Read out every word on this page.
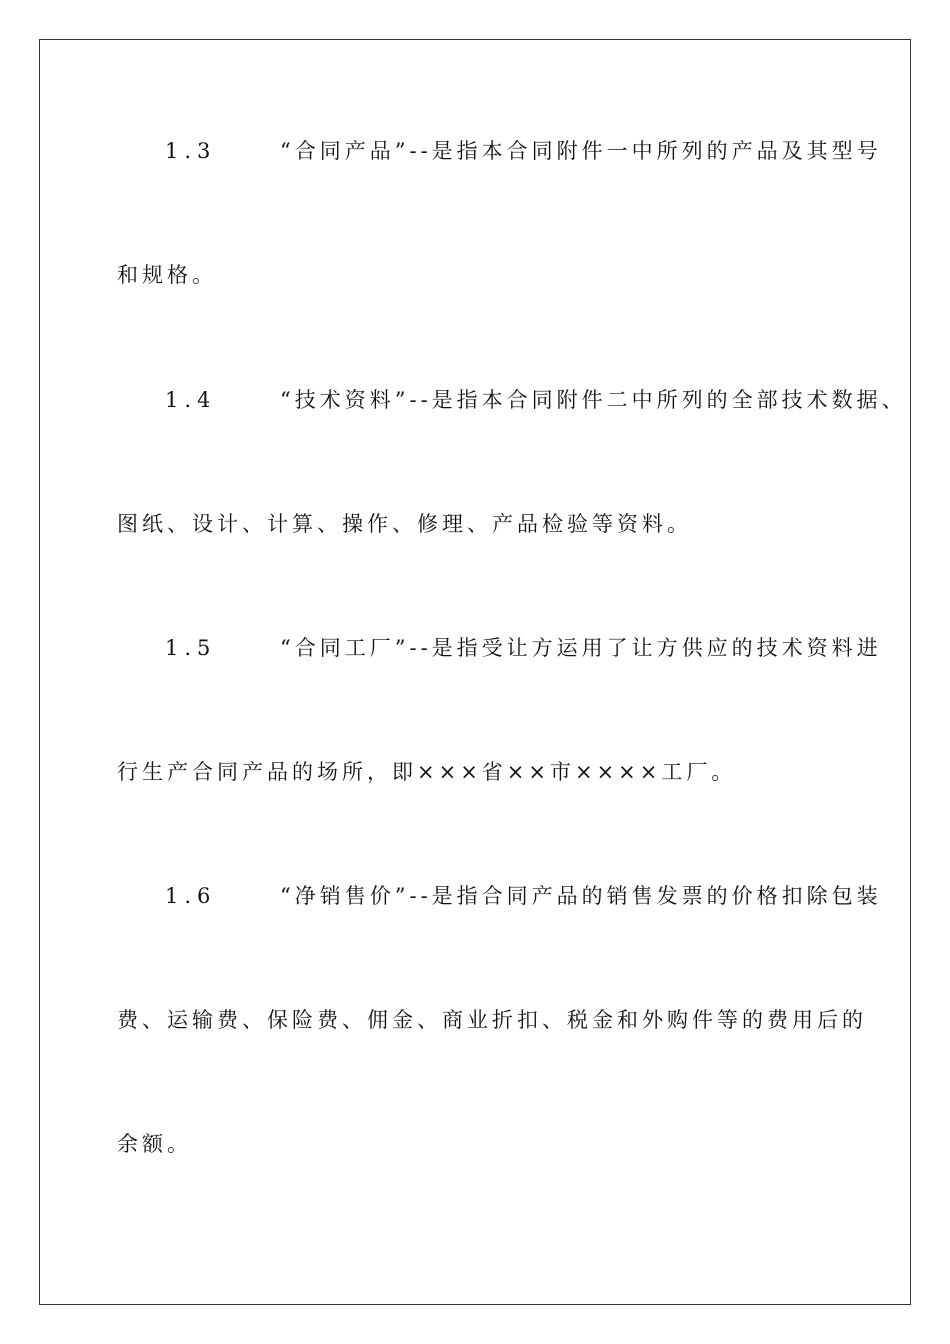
1.3	“合同产品”--是指本合同附件一中所列的产品及其型号
和规格。
1.4	“技术资料”--是指本合同附件二中所列的全部技术数据、
图纸、设计、计算、操作、修理、产品检验等资料。
1.5	“合同工厂”--是指受让方运用了让方供应的技术资料进
行生产合同产品的场所，即×××省××市××××工厂。
1.6	“净销售价”--是指合同产品的销售发票的价格扣除包装
费、运输费、保险费、佣金、商业折扣、税金和外购件等的费用后的
余额。
